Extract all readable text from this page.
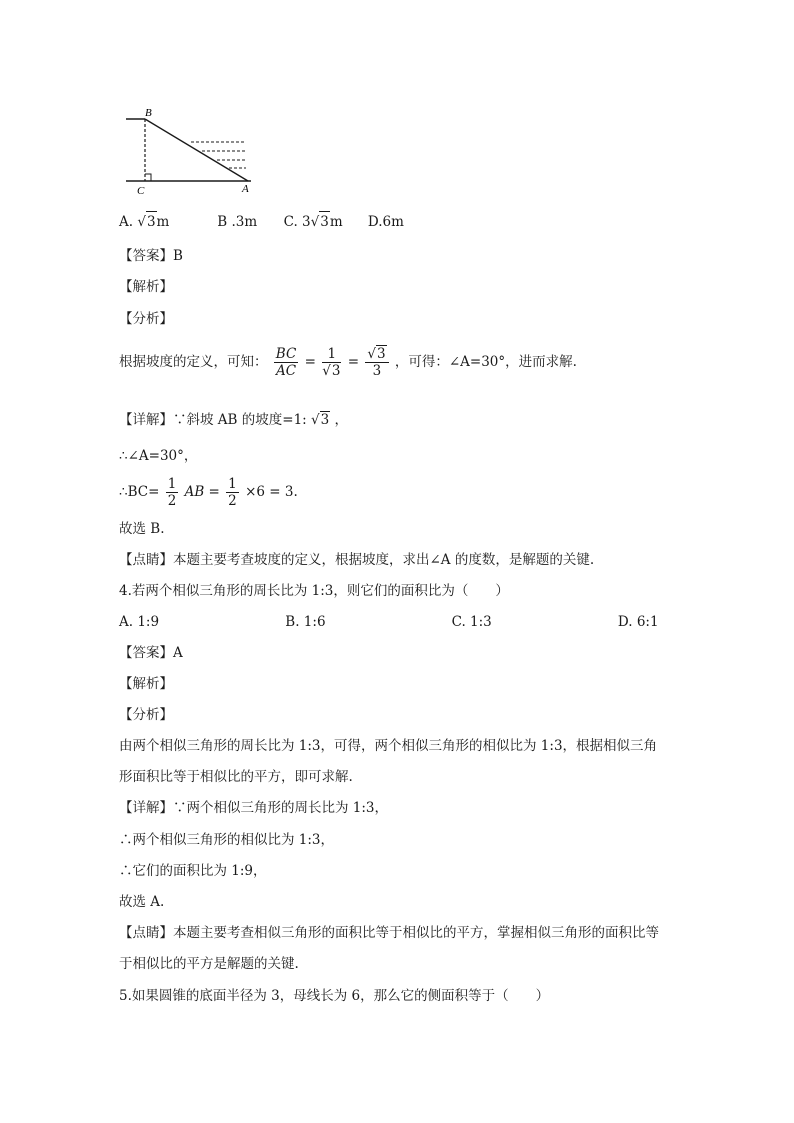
B
C	A
A. √3m	B .3m C. 3√3m D.6m
【答案】B
【解析】
【分析】
根据坡度的定义，可知： $\frac{BC}{AC} = \frac{1}{√3} = \frac{√3}{3}$ ，可得：∠A=30°，进而求解.
【详解】∵斜坡 AB 的坡度=1: √3 ，
∴∠A=30°，
∴BC= $\frac{1}{2}$ AB = $\frac{1}{2} \times 6 = 3$.
故选 B.
【点睛】本题主要考查坡度的定义，根据坡度，求出∠A 的度数，是解题的关键.
4.若两个相似三角形的周长比为 1:3，则它们的面积比为（　　）
A. 1:9	B. 1:6	C. 1:3	D. 6:1
【答案】A
【解析】
【分析】
由两个相似三角形的周长比为 1:3，可得，两个相似三角形的相似比为 1:3，根据相似三角
形面积比等于相似比的平方，即可求解.
【详解】∵两个相似三角形的周长比为 1:3，
∴两个相似三角形的相似比为 1:3，
∴它们的面积比为 1:9，
故选 A.
【点睛】本题主要考查相似三角形的面积比等于相似比的平方，掌握相似三角形的面积比等
于相似比的平方是解题的关键.
5.如果圆锥的底面半径为 3，母线长为 6，那么它的侧面积等于（　　）
